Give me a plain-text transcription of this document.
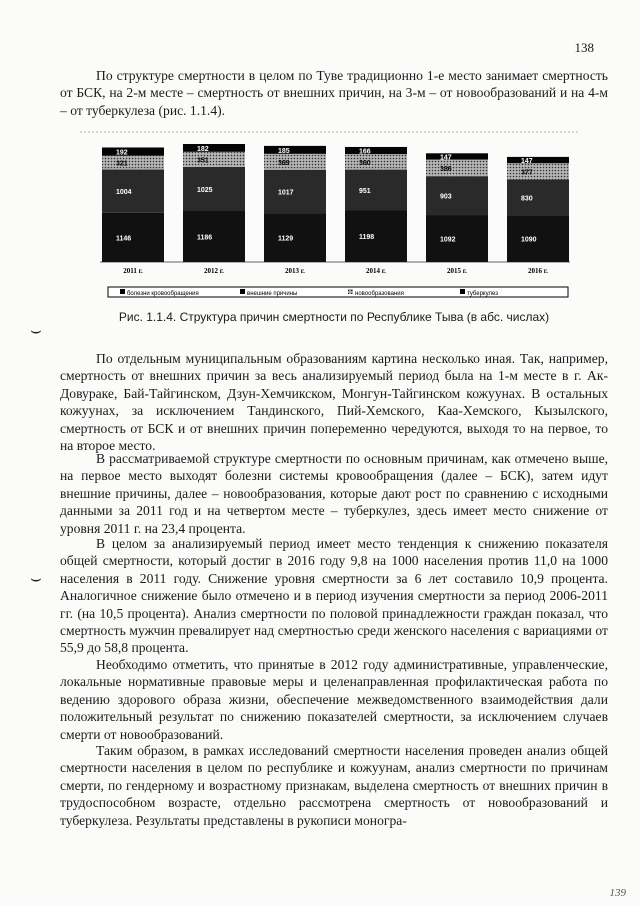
138

По структуре смертности в целом по Туве традиционно 1-е место занимает смертность от БСК, на 2-м месте – смертность от внешних причин, на 3-м – от новообразований и на 4-м – от туберкулеза (рис. 1.1.4).

1146
1004
321
192
2011 г.
1186
1025
351
182
2012 г.
1129
1017
369
185
2013 г.
1198
951
360
166
2014 г.
1092
903
386
147
2015 г.
1090
830
377
147
2016 г.
болезни кровообращения	внешние причины	новообразования	туберкулез
Рис. 1.1.4. Структура причин смертности по Республике Тыва (в абс. числах)
⌣
⌣

По отдельным муниципальным образованиям картина несколько иная. Так, например, смертность от внешних причин за весь анализируемый период была на 1-м месте в г. Ак-Довураке, Бай-Тайгинском, Дзун-Хемчикском, Монгун-Тайгинском кожуунах. В остальных кожуунах, за исключением Тандинского, Пий-Хемского, Каа-Хемского, Кызылского, смертность от БСК и от внешних причин попеременно чередуются, выходя то на первое, то на второе место.

В рассматриваемой структуре смертности по основным причинам, как отмечено выше, на первое место выходят болезни системы кровообращения (далее – БСК), затем идут внешние причины, далее – новообразования, которые дают рост по сравнению с исходными данными за 2011 год и на четвертом месте – туберкулез, здесь имеет место снижение от уровня 2011 г. на 23,4 процента.

В целом за анализируемый период имеет место тенденция к снижению показателя общей смертности, который достиг в 2016 году 9,8 на 1000 населения против 11,0 на 1000 населения в 2011 году. Снижение уровня смертности за 6 лет составило 10,9 процента. Аналогичное снижение было отмечено и в период изучения смертности за период 2006-2011 гг. (на 10,5 процента). Анализ смертности по половой принадлежности граждан показал, что смертность мужчин превалирует над смертностью среди женского населения с вариациями от 55,9 до 58,8 процента.

Необходимо отметить, что принятые в 2012 году административные, управленческие, локальные нормативные правовые меры и целенаправленная профилактическая работа по ведению здорового образа жизни, обеспечение межведомственного взаимодействия дали положительный результат по снижению показателей смертности, за исключением случаев смерти от новообразований.

Таким образом, в рамках исследований смертности населения проведен анализ общей смертности населения в целом по республике и кожуунам, анализ смертности по причинам смерти, по гендерному и возрастному признакам, выделена смертность от внешних причин в трудоспособном возрасте, отдельно рассмотрена смертность от новообразований и туберкулеза. Результаты представлены в рукописи моногра-

139
